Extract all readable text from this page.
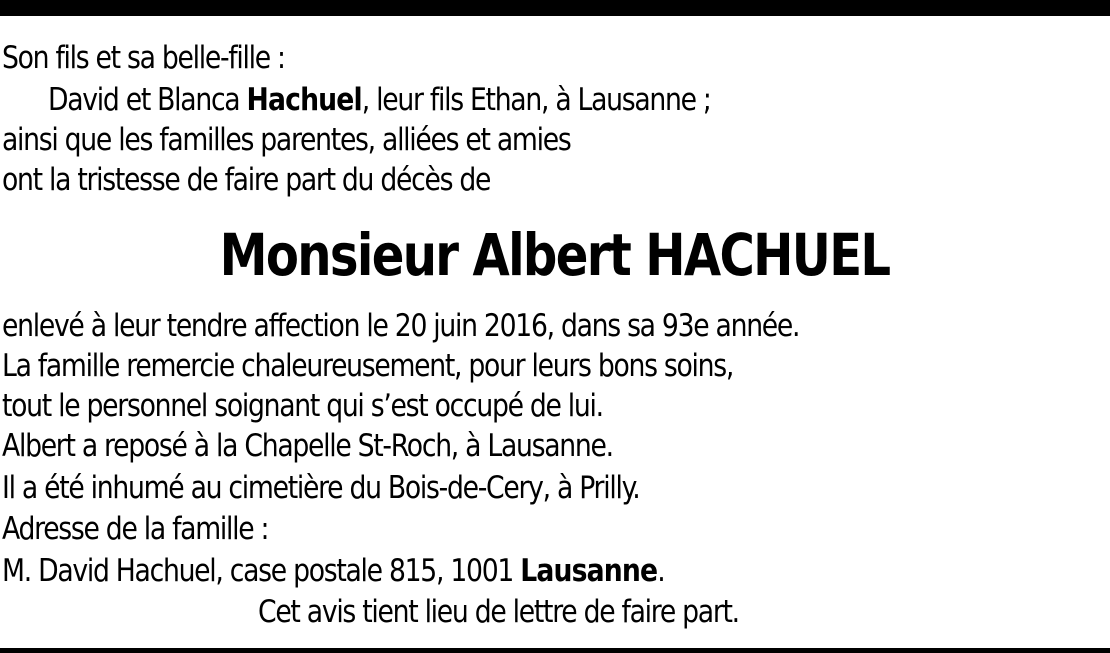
Son fils et sa belle-fille :
David et Blanca Hachuel, leur fils Ethan, à Lausanne ;
ainsi que les familles parentes, alliées et amies
ont la tristesse de faire part du décès de
Monsieur Albert HACHUEL
enlevé à leur tendre affection le 20 juin 2016, dans sa 93e année.
La famille remercie chaleureusement, pour leurs bons soins,
tout le personnel soignant qui s’est occupé de lui.
Albert a reposé à la Chapelle St-Roch, à Lausanne.
Il a été inhumé au cimetière du Bois-de-Cery, à Prilly.
Adresse de la famille :
M. David Hachuel, case postale 815, 1001 Lausanne.
Cet avis tient lieu de lettre de faire part.
